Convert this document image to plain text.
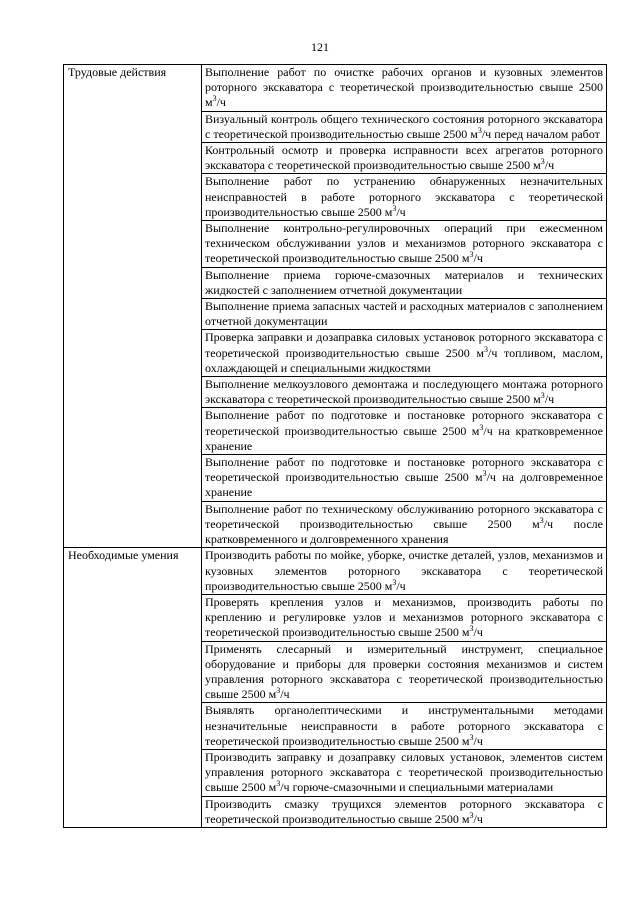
121
Трудовые действия	Выполнение работ по очистке рабочих органов и кузовных элементов роторного экскаватора с теоретической производительностью свыше 2500 $м^3/ч$
	Визуальный контроль общего технического состояния роторного экскаватора с теоретической производительностью свыше 2500 $м^3/ч$ перед началом работ
	Контрольный осмотр и проверка исправности всех агрегатов роторного экскаватора с теоретической производительностью свыше 2500 $м^3/ч$
	Выполнение работ по устранению обнаруженных незначительных неисправностей в работе роторного экскаватора с теоретической производительностью свыше 2500 $м^3/ч$
	Выполнение контрольно-регулировочных операций при ежесменном техническом обслуживании узлов и механизмов роторного экскаватора с теоретической производительностью свыше 2500 $м^3/ч$
	Выполнение приема горюче-смазочных материалов и технических жидкостей с заполнением отчетной документации
	Выполнение приема запасных частей и расходных материалов с заполнением отчетной документации
	Проверка заправки и дозаправка силовых установок роторного экскаватора с теоретической производительностью свыше 2500 $м^3/ч$ топливом, маслом, охлаждающей и специальными жидкостями
	Выполнение мелкоузлового демонтажа и последующего монтажа роторного экскаватора с теоретической производительностью свыше 2500 $м^3/ч$
	Выполнение работ по подготовке и постановке роторного экскаватора с теоретической производительностью свыше 2500 $м^3/ч$ на кратковременное хранение
	Выполнение работ по подготовке и постановке роторного экскаватора с теоретической производительностью свыше 2500 $м^3/ч$ на долговременное хранение
	Выполнение работ по техническому обслуживанию роторного экскаватора с теоретической производительностью свыше 2500 $м^3/ч$ после кратковременного и долговременного хранения
Необходимые умения	Производить работы по мойке, уборке, очистке деталей, узлов, механизмов и кузовных элементов роторного экскаватора с теоретической производительностью свыше 2500 $м^3/ч$
	Проверять крепления узлов и механизмов, производить работы по креплению и регулировке узлов и механизмов роторного экскаватора с теоретической производительностью свыше 2500 $м^3/ч$
	Применять слесарный и измерительный инструмент, специальное оборудование и приборы для проверки состояния механизмов и систем управления роторного экскаватора с теоретической производительностью свыше 2500 $м^3/ч$
	Выявлять органолептическими и инструментальными методами незначительные неисправности в работе роторного экскаватора с теоретической производительностью свыше 2500 $м^3/ч$
	Производить заправку и дозаправку силовых установок, элементов систем управления роторного экскаватора с теоретической производительностью свыше 2500 $м^3/ч$ горюче-смазочными и специальными материалами
	Производить смазку трущихся элементов роторного экскаватора с теоретической производительностью свыше 2500 $м^3/ч$
